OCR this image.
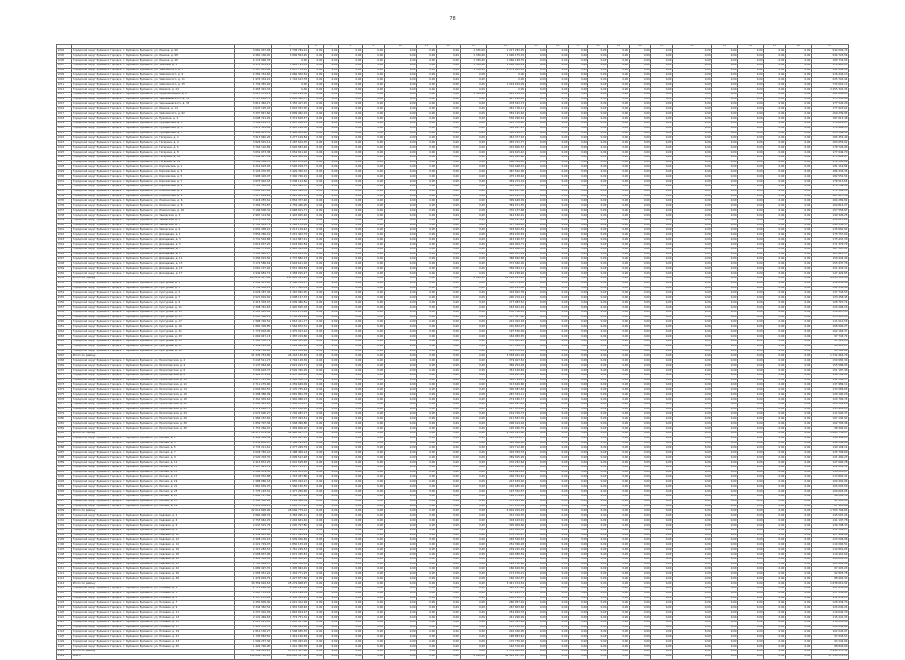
78
			5	6	7	8	9	10	11	12	13	14	15	16	17	18	19	20	21	22	23	24	25	26	27
1004	Городской округ Буйнакск Городск. г. Буйнакск Буйнакск, ул. Ленина, д. 96	3 681 937,48	2 738 784,21	0,00	0,00	0,00	0,00	0,00	0,00	0,00	1 336,00	1 217 283,05	0,00	0,00	0,00	0,00	0,00	0,00	0,00	0,00	0,00	0,00	0,00	0,00	544 094,72
1005	Городской округ Буйнакск Городск. г. Буйнакск Буйнакск, ул. Ленина, д. 98	4 481 136,45	3 836 503,95	0,00	0,00	0,00	0,00	0,00	0,00	0,00	1 336,00	1 096 175,32	0,00	0,00	0,00	0,00	0,00	0,00	0,00	0,00	0,00	0,00	0,00	0,00	544 723,56
1006	Городской округ Буйнакск Городск. г. Буйнакск Буйнакск, ул. Ленина, д. 48	4 174 998,78	0,00	0,00	0,00	0,00	0,00	0,00	0,00	0,00	1 336,00	1 066 138,70	0,00	0,00	0,00	0,00	0,00	0,00	0,00	0,00	0,00	0,00	0,00	0,00	180 734,95
1007	Городской округ Буйнакск Городск. г. Буйнакск Буйнакск, ул. Чкалова, д. 5	4 170 453,21	3 928 781,51	0,00	0,00	0,00	0,00	0,00	0,00	0,00	1 336,00	1 084 380,19	0,00	0,00	0,00	0,00	0,00	0,00	0,00	0,00	0,00	0,00	0,00	0,00	176 905,83
1008	Городской округ Буйнакск Городск. г. Буйнакск Буйнакск, ул. Чайковского, д. 7	3 167 981,08	1 657 734,18	0,00	0,00	0,00	0,00	0,00	0,00	0,00	1 336,00	1 072 965,81	0,00	0,00	0,00	0,00	0,00	0,00	0,00	0,00	0,00	0,00	0,00	0,00	184 106,34
1009	Городской округ Буйнакск Городск. г. Буйнакск Буйнакск, ул. Чайковского, д. 9	2 282 744,65	2 066 302,52	0,00	0,00	0,00	0,00	0,00	0,00	0,00	0,00	0,00	0,00	0,00	0,00	0,00	0,00	0,00	0,00	0,00	0,00	0,00	0,00	0,00	216 442,13
1010	Городской округ Буйнакск Городск. г. Буйнакск Буйнакск, ул. Чайковского, д. 11	1 970 334,22	1 744 613,78	0,00	0,00	0,00	0,00	0,00	0,00	0,00	0,00	0,00	0,00	0,00	0,00	0,00	0,00	0,00	0,00	0,00	0,00	0,00	0,00	0,00	225 720,44
1011	Городской округ Буйнакск Городск. г. Буйнакск Буйнакск, ул. Чайковского, д. 15	1 734 455,20	0,00	0,00	0,00	0,00	0,00	0,00	0,00	0,00	0,00	1 019 454,09	0,00	0,00	0,00	0,00	0,00	0,00	0,00	0,00	0,00	0,00	0,00	0,00	715 001,11
1012	Городской округ Буйнакск Городск. г. Буйнакск Буйнакск, ул. Шамиля, д. 24	2 455 322,34	0,00	0,00	0,00	0,00	0,00	0,00	0,00	0,00	0,00	0,00	0,00	0,00	0,00	0,00	0,00	0,00	0,00	0,00	0,00	0,00	0,00	0,00	2 455 322,34
1013	Городской округ Буйнакск Городск. г. Буйнакск Буйнакск, ул. Орджоникидзе, д. 9	4 023 371,11	3 145 220,58	0,00	0,00	0,00	0,00	0,00	0,00	0,00	1 336,00	695 124,70	0,00	0,00	0,00	0,00	0,00	0,00	0,00	0,00	0,00	0,00	0,00	0,00	181 689,83
1014	Городской округ Буйнакск Городск. г. Буйнакск Буйнакск, ул. Чернышевского, д. 31	3 715 816,71	3 093 410,57	0,00	0,00	0,00	0,00	0,00	0,00	0,00	0,00	447 262,48	0,00	0,00	0,00	0,00	0,00	0,00	0,00	0,00	0,00	0,00	0,00	0,00	175 143,66
1015	Городской округ Буйнакск Городск. г. Буйнакск Буйнакск, ул. Чернышевского, д. 33	3 811 482,27	3 155 417,25	0,00	0,00	0,00	0,00	0,00	0,00	0,00	0,00	478 522,73	0,00	0,00	0,00	0,00	0,00	0,00	0,00	0,00	0,00	0,00	0,00	0,00	177 542,29
1016	Городской округ Буйнакск Городск. г. Буйнакск Буйнакск, ул. Ленина, д. 14	3 647 195,03	3 016 553,30	0,00	0,00	0,00	0,00	0,00	0,00	0,00	0,00	452 718,11	0,00	0,00	0,00	0,00	0,00	0,00	0,00	0,00	0,00	0,00	0,00	0,00	177 923,62
1017	Городской округ Буйнакск Городск. г. Буйнакск Буйнакск, ул. Чайковского, д. 62	3 337 847,60	2 809 462,19	0,00	0,00	0,00	0,00	0,00	0,00	0,00	0,00	359 145,46	0,00	0,00	0,00	0,00	0,00	0,00	0,00	0,00	0,00	0,00	0,00	0,00	169 239,95
1018	Городской округ Буйнакск Городск. г. Буйнакск Буйнакск, ул. Пушкина, д. 4	4 098 721,49	3 374 818,57	0,00	0,00	0,00	0,00	0,00	0,00	0,00	0,00	536 290,44	0,00	0,00	0,00	0,00	0,00	0,00	0,00	0,00	0,00	0,00	0,00	0,00	187 612,48
1019	Городской округ Буйнакск Городск. г. Буйнакск Буйнакск, ул. Нурадилова, д. 3	3 586 214,72	2 997 018,15	0,00	0,00	0,00	0,00	0,00	0,00	0,00	0,00	412 576,90	0,00	0,00	0,00	0,00	0,00	0,00	0,00	0,00	0,00	0,00	0,00	0,00	176 619,67
1020	Городской округ Буйнакск Городск. г. Буйнакск Буйнакск, ул. Нурадилова, д. 5	3 472 519,84	2 903 126,50	0,00	0,00	0,00	0,00	0,00	0,00	0,00	0,00	398 407,21	0,00	0,00	0,00	0,00	0,00	0,00	0,00	0,00	0,00	0,00	0,00	0,00	170 986,13
1021	Городской округ Буйнакск Городск. г. Буйнакск Буйнакск, ул. Нурадилова, д. 7	2 906 415,33	2 448 930,62	0,00	0,00	0,00	0,00	0,00	0,00	0,00	0,00	302 118,57	0,00	0,00	0,00	0,00	0,00	0,00	0,00	0,00	0,00	0,00	0,00	0,00	155 366,14
1022	Городской округ Буйнакск Городск. г. Буйнакск Буйнакск, ул. Гагарина, д. 2	3 913 840,26	3 277 109,84	0,00	0,00	0,00	0,00	0,00	0,00	0,00	0,00	452 377,93	0,00	0,00	0,00	0,00	0,00	0,00	0,00	0,00	0,00	0,00	0,00	0,00	184 352,49
1023	Городской округ Буйнакск Городск. г. Буйнакск Буйнакск, ул. Гагарина, д. 4	3 826 501,14	3 187 614,35	0,00	0,00	0,00	0,00	0,00	0,00	0,00	0,00	455 231,77	0,00	0,00	0,00	0,00	0,00	0,00	0,00	0,00	0,00	0,00	0,00	0,00	183 655,02
1024	Городской округ Буйнакск Городск. г. Буйнакск Буйнакск, ул. Гагарина, д. 6	3 704 116,89	3 092 583,46	0,00	0,00	0,00	0,00	0,00	0,00	0,00	0,00	432 806,53	0,00	0,00	0,00	0,00	0,00	0,00	0,00	0,00	0,00	0,00	0,00	0,00	178 726,90
1025	Городской округ Буйнакск Городск. г. Буйнакск Буйнакск, ул. Гагарина, д. 8	3 652 073,38	3 054 811,26	0,00	0,00	0,00	0,00	0,00	0,00	0,00	0,00	419 615,42	0,00	0,00	0,00	0,00	0,00	0,00	0,00	0,00	0,00	0,00	0,00	0,00	177 646,70
1026	Городской округ Буйнакск Городск. г. Буйнакск Буйнакск, ул. Гагарина, д. 10	3 588 927,51	2 999 442,18	0,00	0,00	0,00	0,00	0,00	0,00	0,00	0,00	414 082,66	0,00	0,00	0,00	0,00	0,00	0,00	0,00	0,00	0,00	0,00	0,00	0,00	175 402,67
1027	Городской округ Буйнакск Городск. г. Буйнакск Буйнакск, ул. Гагарина, д. 12	3 504 389,70	2 925 674,03	0,00	0,00	0,00	0,00	0,00	0,00	0,00	0,00	406 329,85	0,00	0,00	0,00	0,00	0,00	0,00	0,00	0,00	0,00	0,00	0,00	0,00	172 385,82
1028	Городской округ Буйнакск Городск. г. Буйнакск Буйнакск, ул. Коркмасова, д. 1	4 219 603,92	3 526 018,77	0,00	0,00	0,00	0,00	0,00	0,00	0,00	0,00	502 468,31	0,00	0,00	0,00	0,00	0,00	0,00	0,00	0,00	0,00	0,00	0,00	0,00	191 116,84
1029	Городской округ Буйнакск Городск. г. Буйнакск Буйнакск, ул. Коркмасова, д. 3	4 103 276,55	3 429 350,12	0,00	0,00	0,00	0,00	0,00	0,00	0,00	0,00	487 592,08	0,00	0,00	0,00	0,00	0,00	0,00	0,00	0,00	0,00	0,00	0,00	0,00	186 334,35
1030	Городской округ Буйнакск Городск. г. Буйнакск Буйнакск, ул. Коркмасова, д. 5	3 998 418,07	3 340 726,91	0,00	0,00	0,00	0,00	0,00	0,00	0,00	0,00	475 138,62	0,00	0,00	0,00	0,00	0,00	0,00	0,00	0,00	0,00	0,00	0,00	0,00	182 552,54
1031	Городской округ Буйнакск Городск. г. Буйнакск Буйнакск, ул. Коркмасова, д. 7	3 875 902,43	3 238 114,60	0,00	0,00	0,00	0,00	0,00	0,00	0,00	0,00	459 274,19	0,00	0,00	0,00	0,00	0,00	0,00	0,00	0,00	0,00	0,00	0,00	0,00	178 513,64
1032	Городской округ Буйнакск Городск. г. Буйнакск Буйнакск, ул. Коркмасова, д. 9	3 761 548,16	3 141 992,37	0,00	0,00	0,00	0,00	0,00	0,00	0,00	0,00	444 806,25	0,00	0,00	0,00	0,00	0,00	0,00	0,00	0,00	0,00	0,00	0,00	0,00	174 749,54
1033	Городской округ Буйнакск Городск. г. Буйнакск Буйнакск, ул. Ломоносова, д. 2	3 642 087,94	3 041 508,33	0,00	0,00	0,00	0,00	0,00	0,00	0,00	0,00	429 417,06	0,00	0,00	0,00	0,00	0,00	0,00	0,00	0,00	0,00	0,00	0,00	0,00	171 162,55
1034	Городской округ Буйнакск Городск. г. Буйнакск Буйнакск, ул. Ломоносова, д. 4	3 527 614,28	2 945 903,18	0,00	0,00	0,00	0,00	0,00	0,00	0,00	0,00	414 093,72	0,00	0,00	0,00	0,00	0,00	0,00	0,00	0,00	0,00	0,00	0,00	0,00	167 617,38
1035	Городской округ Буйнакск Городск. г. Буйнакск Буйнакск, ул. Ломоносова, д. 6	3 418 255,61	2 854 337,40	0,00	0,00	0,00	0,00	0,00	0,00	0,00	0,00	399 628,39	0,00	0,00	0,00	0,00	0,00	0,00	0,00	0,00	0,00	0,00	0,00	0,00	164 289,82
1036	Городской округ Буйнакск Городск. г. Буйнакск Буйнакск, ул. Ломоносова, д. 8	3 304 731,87	2 759 446,05	0,00	0,00	0,00	0,00	0,00	0,00	0,00	0,00	384 471,55	0,00	0,00	0,00	0,00	0,00	0,00	0,00	0,00	0,00	0,00	0,00	0,00	160 814,27
1037	Городской округ Буйнакск Городск. г. Буйнакск Буйнакск, ул. Ломоносова, д. 10	3 196 508,32	2 668 811,77	0,00	0,00	0,00	0,00	0,00	0,00	0,00	0,00	370 137,68	0,00	0,00	0,00	0,00	0,00	0,00	0,00	0,00	0,00	0,00	0,00	0,00	157 558,87
1038	Городской округ Буйнакск Городск. г. Буйнакск Буйнакск, ул. Заводская, д. 3	2 987 114,56	2 493 605,40	0,00	0,00	0,00	0,00	0,00	0,00	0,00	0,00	344 182,91	0,00	0,00	0,00	0,00	0,00	0,00	0,00	0,00	0,00	0,00	0,00	0,00	149 326,25
1039	Городской округ Буйнакск Городск. г. Буйнакск Буйнакск, ул. Заводская, д. 5	2 874 352,09	2 399 011,63	0,00	0,00	0,00	0,00	0,00	0,00	0,00	0,00	330 517,44	0,00	0,00	0,00	0,00	0,00	0,00	0,00	0,00	0,00	0,00	0,00	0,00	144 823,02
1040	Городской округ Буйнакск Городск. г. Буйнакск Буйнакск, ул. Заводская, д. 7	2 765 981,73	2 308 274,16	0,00	0,00	0,00	0,00	0,00	0,00	0,00	0,00	317 349,20	0,00	0,00	0,00	0,00	0,00	0,00	0,00	0,00	0,00	0,00	0,00	0,00	140 358,37
1041	Городской округ Буйнакск Городск. г. Буйнакск Буйнакск, ул. Заводская, д. 9	2 652 408,15	2 213 119,42	0,00	0,00	0,00	0,00	0,00	0,00	0,00	0,00	303 625,81	0,00	0,00	0,00	0,00	0,00	0,00	0,00	0,00	0,00	0,00	0,00	0,00	135 662,92
1042	Городской округ Буйнакск Городск. г. Буйнакск Буйнакск, ул. Дахадаева, д. 1	3 854 266,42	3 215 403,79	0,00	0,00	0,00	0,00	0,00	0,00	0,00	0,00	459 105,63	0,00	0,00	0,00	0,00	0,00	0,00	0,00	0,00	0,00	0,00	0,00	0,00	179 757,00
1043	Городской округ Буйнакск Городск. г. Буйнакск Буйнакск, ул. Дахадаева, д. 3	3 731 504,88	3 112 867,21	0,00	0,00	0,00	0,00	0,00	0,00	0,00	0,00	443 190,37	0,00	0,00	0,00	0,00	0,00	0,00	0,00	0,00	0,00	0,00	0,00	0,00	175 447,30
1044	Городской округ Буйнакск Городск. г. Буйнакск Буйнакск, ул. Дахадаева, д. 5	3 619 037,25	3 018 652,84	0,00	0,00	0,00	0,00	0,00	0,00	0,00	0,00	429 004,71	0,00	0,00	0,00	0,00	0,00	0,00	0,00	0,00	0,00	0,00	0,00	0,00	171 379,70
1045	Городской округ Буйнакск Городск. г. Буйнакск Буйнакск, ул. Дахадаева, д. 7	3 508 771,63	2 926 418,09	0,00	0,00	0,00	0,00	0,00	0,00	0,00	0,00	414 986,52	0,00	0,00	0,00	0,00	0,00	0,00	0,00	0,00	0,00	0,00	0,00	0,00	167 367,02
1046	Городской округ Буйнакск Городск. г. Буйнакск Буйнакск, ул. Дахадаева, д. 9	3 395 442,17	2 831 205,56	0,00	0,00	0,00	0,00	0,00	0,00	0,00	0,00	400 813,04	0,00	0,00	0,00	0,00	0,00	0,00	0,00	0,00	0,00	0,00	0,00	0,00	163 423,57
1047	Городской округ Буйнакск Городск. г. Буйнакск Буйнакск, ул. Дахадаева, д. 11	3 284 019,50	2 737 882,13	0,00	0,00	0,00	0,00	0,00	0,00	0,00	0,00	386 692,88	0,00	0,00	0,00	0,00	0,00	0,00	0,00	0,00	0,00	0,00	0,00	0,00	159 444,49
1048	Городской округ Буйнакск Городск. г. Буйнакск Буйнакск, ул. Дахадаева, д. 13	3 172 588,94	2 644 611,02	0,00	0,00	0,00	0,00	0,00	0,00	0,00	0,00	372 540,16	0,00	0,00	0,00	0,00	0,00	0,00	0,00	0,00	0,00	0,00	0,00	0,00	155 437,76
1049	Городской округ Буйнакск Городск. г. Буйнакск Буйнакск, ул. Дахадаева, д. 15	3 061 137,26	2 551 309,84	0,00	0,00	0,00	0,00	0,00	0,00	0,00	0,00	358 394,11	0,00	0,00	0,00	0,00	0,00	0,00	0,00	0,00	0,00	0,00	0,00	0,00	151 433,31
1050	Городской округ Буйнакск Городск. г. Буйнакск Буйнакск, ул. Дахадаева, д. 17	2 949 683,72	2 458 015,47	0,00	0,00	0,00	0,00	0,00	0,00	0,00	0,00	344 238,40	0,00	0,00	0,00	0,00	0,00	0,00	0,00	0,00	0,00	0,00	0,00	0,00	147 429,85
1051	Итого по городу	183 652 417,08	152 844 963,20	0,00	0,00	0,00	0,00	0,00	0,00	0,00	8 016,00	22 148 935,42	0,00	0,00	0,00	0,00	0,00	0,00	0,00	0,00	0,00	0,00	0,00	0,00	8 658 518,46
1052	Городской округ Буйнакск Городск. г. Буйнакск Буйнакск, ул. Сунгурова, д. 1	2 842 913,40	2 366 108,27	0,00	0,00	0,00	0,00	0,00	0,00	0,00	0,00	330 174,65	0,00	0,00	0,00	0,00	0,00	0,00	0,00	0,00	0,00	0,00	0,00	0,00	146 630,48
1053	Городской округ Буйнакск Городск. г. Буйнакск Буйнакск, ул. Сунгурова, д. 3	2 736 450,11	2 277 304,59	0,00	0,00	0,00	0,00	0,00	0,00	0,00	0,00	316 911,06	0,00	0,00	0,00	0,00	0,00	0,00	0,00	0,00	0,00	0,00	0,00	0,00	142 234,46
1054	Городской округ Буйнакск Городск. г. Буйнакск Буйнакск, ул. Сунгурова, д. 5	2 629 187,36	2 187 842,05	0,00	0,00	0,00	0,00	0,00	0,00	0,00	0,00	303 602,78	0,00	0,00	0,00	0,00	0,00	0,00	0,00	0,00	0,00	0,00	0,00	0,00	137 742,53
1055	Городской округ Буйнакск Городск. г. Буйнакск Буйнакск, ул. Сунгурова, д. 7	2 521 604,92	2 098 127,33	0,00	0,00	0,00	0,00	0,00	0,00	0,00	0,00	290 219,14	0,00	0,00	0,00	0,00	0,00	0,00	0,00	0,00	0,00	0,00	0,00	0,00	133 258,45
1056	Городской округ Буйнакск Городск. г. Буйнакск Буйнакск, ул. Сунгурова, д. 9	2 415 318,07	2 009 466,81	0,00	0,00	0,00	0,00	0,00	0,00	0,00	0,00	277 083,52	0,00	0,00	0,00	0,00	0,00	0,00	0,00	0,00	0,00	0,00	0,00	0,00	128 767,74
1057	Городской округ Буйнакск Городск. г. Буйнакск Буйнакск, ул. Сунгурова, д. 11	2 308 742,63	1 920 505,18	0,00	0,00	0,00	0,00	0,00	0,00	0,00	0,00	263 941,29	0,00	0,00	0,00	0,00	0,00	0,00	0,00	0,00	0,00	0,00	0,00	0,00	124 296,16
1058	Городской округ Буйнакск Городск. г. Буйнакск Буйнакск, ул. Сунгурова, д. 13	2 201 905,48	1 831 271,62	0,00	0,00	0,00	0,00	0,00	0,00	0,00	0,00	250 786,03	0,00	0,00	0,00	0,00	0,00	0,00	0,00	0,00	0,00	0,00	0,00	0,00	119 847,83
1059	Городской округ Буйнакск Городск. г. Буйнакск Буйнакск, ул. Сунгурова, д. 15	2 095 368,21	1 742 614,90	0,00	0,00	0,00	0,00	0,00	0,00	0,00	0,00	237 327,86	0,00	0,00	0,00	0,00	0,00	0,00	0,00	0,00	0,00	0,00	0,00	0,00	115 425,45
1060	Городской округ Буйнакск Городск. г. Буйнакск Буйнакск, ул. Сунгурова, д. 17	1 988 726,54	1 653 411,77	0,00	0,00	0,00	0,00	0,00	0,00	0,00	0,00	224 304,18	0,00	0,00	0,00	0,00	0,00	0,00	0,00	0,00	0,00	0,00	0,00	0,00	111 010,59
1061	Городской округ Буйнакск Городск. г. Буйнакск Буйнакск, ул. Сунгурова, д. 19	1 882 309,85	1 564 872,31	0,00	0,00	0,00	0,00	0,00	0,00	0,00	0,00	210 843,27	0,00	0,00	0,00	0,00	0,00	0,00	0,00	0,00	0,00	0,00	0,00	0,00	106 594,27
1062	Городской округ Буйнакск Городск. г. Буйнакск Буйнакск, ул. Сунгурова, д. 21	1 775 618,90	1 475 913,44	0,00	0,00	0,00	0,00	0,00	0,00	0,00	0,00	197 536,09	0,00	0,00	0,00	0,00	0,00	0,00	0,00	0,00	0,00	0,00	0,00	0,00	102 169,37
1063	Городской округ Буйнакск Городск. г. Буйнакск Буйнакск, ул. Сунгурова, д. 23	1 669 047,13	1 387 219,86	0,00	0,00	0,00	0,00	0,00	0,00	0,00	0,00	184 083,55	0,00	0,00	0,00	0,00	0,00	0,00	0,00	0,00	0,00	0,00	0,00	0,00	97 743,72
1064	Городской округ Буйнакск Городск. г. Буйнакск Буйнакск, ул. Сунгурова, д. 25	1 562 530,79	1 298 541,20	0,00	0,00	0,00	0,00	0,00	0,00	0,00	0,00	170 661,41	0,00	0,00	0,00	0,00	0,00	0,00	0,00	0,00	0,00	0,00	0,00	0,00	93 328,18
1065	Городской округ Буйнакск Городск. г. Буйнакск Буйнакск, ул. Сунгурова, д. 27	1 456 103,44	1 209 802,65	0,00	0,00	0,00	0,00	0,00	0,00	0,00	0,00	157 389,72	0,00	0,00	0,00	0,00	0,00	0,00	0,00	0,00	0,00	0,00	0,00	0,00	88 911,07
1066	Городской округ Буйнакск Городск. г. Буйнакск Буйнакск, ул. Сунгурова, д. 29	1 349 718,06	1 121 136,94	0,00	0,00	0,00	0,00	0,00	0,00	0,00	0,00	144 076,63	0,00	0,00	0,00	0,00	0,00	0,00	0,00	0,00	0,00	0,00	0,00	0,00	84 504,49
1067	Итого по району	31 435 753,85	26 143 130,84	0,00	0,00	0,00	0,00	0,00	0,00	0,00	0,00	3 558 941,18	0,00	0,00	0,00	0,00	0,00	0,00	0,00	0,00	0,00	0,00	0,00	0,00	1 732 464,79
1068	Городской округ Буйнакск Городск. г. Буйнакск Буйнакск, ул. Пролетарская, д. 2	3 243 511,27	2 704 118,36	0,00	0,00	0,00	0,00	0,00	0,00	0,00	0,00	379 407,52	0,00	0,00	0,00	0,00	0,00	0,00	0,00	0,00	0,00	0,00	0,00	0,00	159 985,39
1069	Городской округ Буйнакск Городск. г. Буйнакск Буйнакск, ул. Пролетарская, д. 4	3 137 064,82	2 615 223,71	0,00	0,00	0,00	0,00	0,00	0,00	0,00	0,00	366 254,18	0,00	0,00	0,00	0,00	0,00	0,00	0,00	0,00	0,00	0,00	0,00	0,00	155 586,93
1070	Городской округ Буйнакск Городск. г. Буйнакск Буйнакск, ул. Пролетарская, д. 6	3 030 618,37	2 526 330,05	0,00	0,00	0,00	0,00	0,00	0,00	0,00	0,00	353 100,84	0,00	0,00	0,00	0,00	0,00	0,00	0,00	0,00	0,00	0,00	0,00	0,00	151 187,48
1071	Городской округ Буйнакск Городск. г. Буйнакск Буйнакск, ул. Пролетарская, д. 8	2 924 171,91	2 437 436,40	0,00	0,00	0,00	0,00	0,00	0,00	0,00	0,00	339 947,49	0,00	0,00	0,00	0,00	0,00	0,00	0,00	0,00	0,00	0,00	0,00	0,00	146 788,02
1072	Городской округ Буйнакск Городск. г. Буйнакск Буйнакск, ул. Пролетарская, д. 10	2 817 725,46	2 348 542,74	0,00	0,00	0,00	0,00	0,00	0,00	0,00	0,00	326 794,15	0,00	0,00	0,00	0,00	0,00	0,00	0,00	0,00	0,00	0,00	0,00	0,00	142 388,57
1073	Городской округ Буйнакск Городск. г. Буйнакск Буйнакск, ул. Пролетарская, д. 12	2 711 279,00	2 259 649,09	0,00	0,00	0,00	0,00	0,00	0,00	0,00	0,00	313 640,80	0,00	0,00	0,00	0,00	0,00	0,00	0,00	0,00	0,00	0,00	0,00	0,00	137 989,11
1074	Городской округ Буйнакск Городск. г. Буйнакск Буйнакск, ул. Пролетарская, д. 14	2 604 832,55	2 170 755,44	0,00	0,00	0,00	0,00	0,00	0,00	0,00	0,00	300 487,46	0,00	0,00	0,00	0,00	0,00	0,00	0,00	0,00	0,00	0,00	0,00	0,00	133 589,65
1075	Городской округ Буйнакск Городск. г. Буйнакск Буйнакск, ул. Пролетарская, д. 16	2 498 386,09	2 081 861,78	0,00	0,00	0,00	0,00	0,00	0,00	0,00	0,00	287 334,11	0,00	0,00	0,00	0,00	0,00	0,00	0,00	0,00	0,00	0,00	0,00	0,00	129 190,20
1076	Городской округ Буйнакск Городск. г. Буйнакск Буйнакск, ул. Пролетарская, д. 18	2 391 939,64	1 992 968,13	0,00	0,00	0,00	0,00	0,00	0,00	0,00	0,00	274 180,77	0,00	0,00	0,00	0,00	0,00	0,00	0,00	0,00	0,00	0,00	0,00	0,00	124 790,74
1077	Городской округ Буйнакск Городск. г. Буйнакск Буйнакск, ул. Пролетарская, д. 20	2 285 493,18	1 904 074,47	0,00	0,00	0,00	0,00	0,00	0,00	0,00	0,00	261 027,42	0,00	0,00	0,00	0,00	0,00	0,00	0,00	0,00	0,00	0,00	0,00	0,00	120 391,29
1078	Городской округ Буйнакск Городск. г. Буйнакск Буйнакск, ул. Пролетарская, д. 22	2 179 046,73	1 815 180,82	0,00	0,00	0,00	0,00	0,00	0,00	0,00	0,00	247 874,08	0,00	0,00	0,00	0,00	0,00	0,00	0,00	0,00	0,00	0,00	0,00	0,00	115 991,83
1079	Городской округ Буйнакск Городск. г. Буйнакск Буйнакск, ул. Пролетарская, д. 24	2 072 600,27	1 726 287,17	0,00	0,00	0,00	0,00	0,00	0,00	0,00	0,00	234 720,73	0,00	0,00	0,00	0,00	0,00	0,00	0,00	0,00	0,00	0,00	0,00	0,00	111 592,37
1080	Городской округ Буйнакск Городск. г. Буйнакск Буйнакск, ул. Пролетарская, д. 26	1 966 153,82	1 637 393,51	0,00	0,00	0,00	0,00	0,00	0,00	0,00	0,00	221 567,39	0,00	0,00	0,00	0,00	0,00	0,00	0,00	0,00	0,00	0,00	0,00	0,00	107 192,92
1081	Городской округ Буйнакск Городск. г. Буйнакск Буйнакск, ул. Пролетарская, д. 28	1 859 707,36	1 548 499,86	0,00	0,00	0,00	0,00	0,00	0,00	0,00	0,00	208 414,04	0,00	0,00	0,00	0,00	0,00	0,00	0,00	0,00	0,00	0,00	0,00	0,00	102 793,46
1082	Городской округ Буйнакск Городск. г. Буйнакск Буйнакск, ул. Пролетарская, д. 30	1 753 260,91	1 459 606,20	0,00	0,00	0,00	0,00	0,00	0,00	0,00	0,00	195 260,70	0,00	0,00	0,00	0,00	0,00	0,00	0,00	0,00	0,00	0,00	0,00	0,00	98 394,01
1083	Итого по городу	39 475 679,38	32 896 927,73	0,00	0,00	0,00	0,00	0,00	0,00	0,00	0,00	4 510 011,68	0,00	0,00	0,00	0,00	0,00	0,00	0,00	0,00	0,00	0,00	0,00	0,00	2 068 739,97
1084	Городской округ Буйнакск Городск. г. Буйнакск Буйнакск, ул. Лесная, д. 1	2 946 104,52	2 455 087,10	0,00	0,00	0,00	0,00	0,00	0,00	0,00	0,00	342 019,37	0,00	0,00	0,00	0,00	0,00	0,00	0,00	0,00	0,00	0,00	0,00	0,00	148 998,05
1085	Городской округ Буйнакск Городск. г. Буйнакск Буйнакск, ул. Лесная, д. 3	2 839 658,07	2 366 193,45	0,00	0,00	0,00	0,00	0,00	0,00	0,00	0,00	328 866,02	0,00	0,00	0,00	0,00	0,00	0,00	0,00	0,00	0,00	0,00	0,00	0,00	144 598,60
1086	Городской округ Буйнакск Городск. г. Буйнакск Буйнакск, ул. Лесная, д. 5	2 733 211,61	2 277 299,79	0,00	0,00	0,00	0,00	0,00	0,00	0,00	0,00	315 712,68	0,00	0,00	0,00	0,00	0,00	0,00	0,00	0,00	0,00	0,00	0,00	0,00	140 199,14
1087	Городской округ Буйнакск Городск. г. Буйнакск Буйнакск, ул. Лесная, д. 7	2 626 765,16	2 188 406,14	0,00	0,00	0,00	0,00	0,00	0,00	0,00	0,00	302 559,33	0,00	0,00	0,00	0,00	0,00	0,00	0,00	0,00	0,00	0,00	0,00	0,00	135 799,69
1088	Городской округ Буйнакск Городск. г. Буйнакск Буйнакск, ул. Лесная, д. 9	2 520 318,70	2 099 512,48	0,00	0,00	0,00	0,00	0,00	0,00	0,00	0,00	289 405,99	0,00	0,00	0,00	0,00	0,00	0,00	0,00	0,00	0,00	0,00	0,00	0,00	131 400,23
1089	Городской округ Буйнакск Городск. г. Буйнакск Буйнакск, ул. Лесная, д. 11	2 413 872,25	2 010 618,83	0,00	0,00	0,00	0,00	0,00	0,00	0,00	0,00	276 252,64	0,00	0,00	0,00	0,00	0,00	0,00	0,00	0,00	0,00	0,00	0,00	0,00	127 000,78
1090	Городской округ Буйнакск Городск. г. Буйнакск Буйнакск, ул. Лесная, д. 13	2 307 425,79	1 921 725,17	0,00	0,00	0,00	0,00	0,00	0,00	0,00	0,00	263 099,30	0,00	0,00	0,00	0,00	0,00	0,00	0,00	0,00	0,00	0,00	0,00	0,00	122 601,32
1091	Городской округ Буйнакск Городск. г. Буйнакск Буйнакск, ул. Лесная, д. 15	2 200 979,34	1 832 831,52	0,00	0,00	0,00	0,00	0,00	0,00	0,00	0,00	249 945,95	0,00	0,00	0,00	0,00	0,00	0,00	0,00	0,00	0,00	0,00	0,00	0,00	118 201,87
1092	Городской округ Буйнакск Городск. г. Буйнакск Буйнакск, ул. Лесная, д. 17	2 094 532,88	1 743 937,86	0,00	0,00	0,00	0,00	0,00	0,00	0,00	0,00	236 792,61	0,00	0,00	0,00	0,00	0,00	0,00	0,00	0,00	0,00	0,00	0,00	0,00	113 802,41
1093	Городской округ Буйнакск Городск. г. Буйнакск Буйнакск, ул. Лесная, д. 19	1 988 086,43	1 655 044,21	0,00	0,00	0,00	0,00	0,00	0,00	0,00	0,00	223 639,26	0,00	0,00	0,00	0,00	0,00	0,00	0,00	0,00	0,00	0,00	0,00	0,00	109 402,96
1094	Городской округ Буйнакск Городск. г. Буйнакск Буйнакск, ул. Лесная, д. 21	1 881 639,97	1 566 150,55	0,00	0,00	0,00	0,00	0,00	0,00	0,00	0,00	210 485,92	0,00	0,00	0,00	0,00	0,00	0,00	0,00	0,00	0,00	0,00	0,00	0,00	105 003,50
1095	Городской округ Буйнакск Городск. г. Буйнакск Буйнакск, ул. Лесная, д. 23	1 775 193,52	1 477 256,90	0,00	0,00	0,00	0,00	0,00	0,00	0,00	0,00	197 332,57	0,00	0,00	0,00	0,00	0,00	0,00	0,00	0,00	0,00	0,00	0,00	0,00	100 604,05
1096	Городской округ Буйнакск Городск. г. Буйнакск Буйнакск, ул. Лесная, д. 25	1 668 747,06	1 388 363,24	0,00	0,00	0,00	0,00	0,00	0,00	0,00	0,00	184 179,23	0,00	0,00	0,00	0,00	0,00	0,00	0,00	0,00	0,00	0,00	0,00	0,00	96 204,59
1097	Городской округ Буйнакск Городск. г. Буйнакск Буйнакск, ул. Лесная, д. 27	1 562 300,61	1 299 469,59	0,00	0,00	0,00	0,00	0,00	0,00	0,00	0,00	171 025,88	0,00	0,00	0,00	0,00	0,00	0,00	0,00	0,00	0,00	0,00	0,00	0,00	91 805,14
1098	Городской округ Буйнакск Городск. г. Буйнакск Буйнакск, ул. Лесная, д. 29	1 455 854,15	1 210 575,93	0,00	0,00	0,00	0,00	0,00	0,00	0,00	0,00	157 872,54	0,00	0,00	0,00	0,00	0,00	0,00	0,00	0,00	0,00	0,00	0,00	0,00	87 405,68
1099	Итого по району	32 014 690,06	26 646 779,12	0,00	0,00	0,00	0,00	0,00	0,00	0,00	0,00	3 604 204,29	0,00	0,00	0,00	0,00	0,00	0,00	0,00	0,00	0,00	0,00	0,00	0,00	1 763 706,65
1100	Городской округ Буйнакск Городск. г. Буйнакск Буйнакск, ул. Садовая, д. 2	2 860 408,70	2 383 495,11	0,00	0,00	0,00	0,00	0,00	0,00	0,00	0,00	331 316,35	0,00	0,00	0,00	0,00	0,00	0,00	0,00	0,00	0,00	0,00	0,00	0,00	145 597,24
1101	Городской округ Буйнакск Городск. г. Буйнакск Буйнакск, ул. Садовая, д. 4	2 753 962,25	2 294 601,46	0,00	0,00	0,00	0,00	0,00	0,00	0,00	0,00	318 163,01	0,00	0,00	0,00	0,00	0,00	0,00	0,00	0,00	0,00	0,00	0,00	0,00	141 197,78
1102	Городской округ Буйнакск Городск. г. Буйнакск Буйнакск, ул. Садовая, д. 6	2 647 515,79	2 205 707,80	0,00	0,00	0,00	0,00	0,00	0,00	0,00	0,00	305 009,66	0,00	0,00	0,00	0,00	0,00	0,00	0,00	0,00	0,00	0,00	0,00	0,00	136 798,33
1103	Городской округ Буйнакск Городск. г. Буйнакск Буйнакск, ул. Садовая, д. 8	2 541 069,34	2 116 814,15	0,00	0,00	0,00	0,00	0,00	0,00	0,00	0,00	291 856,32	0,00	0,00	0,00	0,00	0,00	0,00	0,00	0,00	0,00	0,00	0,00	0,00	132 398,87
1104	Городской округ Буйнакск Городск. г. Буйнакск Буйнакск, ул. Садовая, д. 10	2 434 622,88	2 027 920,49	0,00	0,00	0,00	0,00	0,00	0,00	0,00	0,00	278 702,97	0,00	0,00	0,00	0,00	0,00	0,00	0,00	0,00	0,00	0,00	0,00	0,00	127 999,42
1105	Городской округ Буйнакск Городск. г. Буйнакск Буйнакск, ул. Садовая, д. 12	2 328 176,43	1 939 026,84	0,00	0,00	0,00	0,00	0,00	0,00	0,00	0,00	265 549,63	0,00	0,00	0,00	0,00	0,00	0,00	0,00	0,00	0,00	0,00	0,00	0,00	123 599,96
1106	Городской округ Буйнакск Городск. г. Буйнакск Буйнакск, ул. Садовая, д. 14	2 221 729,97	1 850 133,18	0,00	0,00	0,00	0,00	0,00	0,00	0,00	0,00	252 396,28	0,00	0,00	0,00	0,00	0,00	0,00	0,00	0,00	0,00	0,00	0,00	0,00	119 200,51
1107	Городской округ Буйнакск Городск. г. Буйнакск Буйнакск, ул. Садовая, д. 16	2 115 283,52	1 761 239,53	0,00	0,00	0,00	0,00	0,00	0,00	0,00	0,00	239 242,94	0,00	0,00	0,00	0,00	0,00	0,00	0,00	0,00	0,00	0,00	0,00	0,00	114 801,05
1108	Городской округ Буйнакск Городск. г. Буйнакск Буйнакск, ул. Садовая, д. 18	2 008 837,06	1 672 345,87	0,00	0,00	0,00	0,00	0,00	0,00	0,00	0,00	226 089,59	0,00	0,00	0,00	0,00	0,00	0,00	0,00	0,00	0,00	0,00	0,00	0,00	110 401,60
1109	Городской округ Буйнакск Городск. г. Буйнакск Буйнакск, ул. Садовая, д. 20	1 902 390,61	1 583 452,22	0,00	0,00	0,00	0,00	0,00	0,00	0,00	0,00	212 936,25	0,00	0,00	0,00	0,00	0,00	0,00	0,00	0,00	0,00	0,00	0,00	0,00	106 002,14
1110	Городской округ Буйнакск Городск. г. Буйнакск Буйнакск, ул. Садовая, д. 22	1 795 944,15	1 494 558,56	0,00	0,00	0,00	0,00	0,00	0,00	0,00	0,00	199 782,90	0,00	0,00	0,00	0,00	0,00	0,00	0,00	0,00	0,00	0,00	0,00	0,00	101 602,69
1111	Городской округ Буйнакск Городск. г. Буйнакск Буйнакск, ул. Садовая, д. 24	1 689 497,70	1 405 664,91	0,00	0,00	0,00	0,00	0,00	0,00	0,00	0,00	186 629,56	0,00	0,00	0,00	0,00	0,00	0,00	0,00	0,00	0,00	0,00	0,00	0,00	97 203,23
1112	Городской округ Буйнакск Городск. г. Буйнакск Буйнакск, ул. Садовая, д. 26	1 583 051,24	1 316 771,25	0,00	0,00	0,00	0,00	0,00	0,00	0,00	0,00	173 476,21	0,00	0,00	0,00	0,00	0,00	0,00	0,00	0,00	0,00	0,00	0,00	0,00	92 803,78
1113	Городской округ Буйнакск Городск. г. Буйнакск Буйнакск, ул. Садовая, д. 28	1 476 604,79	1 227 877,60	0,00	0,00	0,00	0,00	0,00	0,00	0,00	0,00	160 322,87	0,00	0,00	0,00	0,00	0,00	0,00	0,00	0,00	0,00	0,00	0,00	0,00	88 404,32
1114	Итого по району	30 359 094,63	25 279 608,97	0,00	0,00	0,00	0,00	0,00	0,00	0,00	0,00	3 441 474,54	0,00	0,00	0,00	0,00	0,00	0,00	0,00	0,00	0,00	0,00	0,00	0,00	1 638 010,92
1115	Городской округ Буйнакск Городск. г. Буйнакск Буйнакск, ул. Полевая, д. 1	2 770 148,36	2 308 093,24	0,00	0,00	0,00	0,00	0,00	0,00	0,00	0,00	320 417,06	0,00	0,00	0,00	0,00	0,00	0,00	0,00	0,00	0,00	0,00	0,00	0,00	141 638,06
1116	Городской округ Буйнакск Городск. г. Буйнакск Буйнакск, ул. Полевая, д. 3	2 663 701,91	2 219 199,59	0,00	0,00	0,00	0,00	0,00	0,00	0,00	0,00	307 263,71	0,00	0,00	0,00	0,00	0,00	0,00	0,00	0,00	0,00	0,00	0,00	0,00	137 238,61
1117	Городской округ Буйнакск Городск. г. Буйнакск Буйнакск, ул. Полевая, д. 5	2 557 255,45	2 130 305,93	0,00	0,00	0,00	0,00	0,00	0,00	0,00	0,00	294 110,37	0,00	0,00	0,00	0,00	0,00	0,00	0,00	0,00	0,00	0,00	0,00	0,00	132 839,15
1118	Городской округ Буйнакск Городск. г. Буйнакск Буйнакск, ул. Полевая, д. 7	2 450 809,00	2 041 412,28	0,00	0,00	0,00	0,00	0,00	0,00	0,00	0,00	280 957,02	0,00	0,00	0,00	0,00	0,00	0,00	0,00	0,00	0,00	0,00	0,00	0,00	128 439,70
1119	Городской округ Буйнакск Городск. г. Буйнакск Буйнакск, ул. Полевая, д. 9	2 344 362,54	1 952 518,62	0,00	0,00	0,00	0,00	0,00	0,00	0,00	0,00	267 803,68	0,00	0,00	0,00	0,00	0,00	0,00	0,00	0,00	0,00	0,00	0,00	0,00	124 040,24
1120	Городской округ Буйнакск Городск. г. Буйнакск Буйнакск, ул. Полевая, д. 11	2 237 916,09	1 863 624,97	0,00	0,00	0,00	0,00	0,00	0,00	0,00	0,00	254 650,33	0,00	0,00	0,00	0,00	0,00	0,00	0,00	0,00	0,00	0,00	0,00	0,00	119 640,79
1121	Городской округ Буйнакск Городск. г. Буйнакск Буйнакск, ул. Полевая, д. 13	2 131 469,63	1 774 731,31	0,00	0,00	0,00	0,00	0,00	0,00	0,00	0,00	241 496,99	0,00	0,00	0,00	0,00	0,00	0,00	0,00	0,00	0,00	0,00	0,00	0,00	115 241,33
1122	Городской округ Буйнакск Городск. г. Буйнакск Буйнакск, ул. Полевая, д. 15	2 025 023,18	1 685 837,66	0,00	0,00	0,00	0,00	0,00	0,00	0,00	0,00	228 343,64	0,00	0,00	0,00	0,00	0,00	0,00	0,00	0,00	0,00	0,00	0,00	0,00	110 841,88
1123	Городской округ Буйнакск Городск. г. Буйнакск Буйнакск, ул. Полевая, д. 17	1 918 576,72	1 596 944,00	0,00	0,00	0,00	0,00	0,00	0,00	0,00	0,00	215 190,30	0,00	0,00	0,00	0,00	0,00	0,00	0,00	0,00	0,00	0,00	0,00	0,00	106 442,42
1124	Городской округ Буйнакск Городск. г. Буйнакск Буйнакск, ул. Полевая, д. 19	1 812 130,27	1 508 050,35	0,00	0,00	0,00	0,00	0,00	0,00	0,00	0,00	202 036,95	0,00	0,00	0,00	0,00	0,00	0,00	0,00	0,00	0,00	0,00	0,00	0,00	102 042,97
1125	Городской округ Буйнакск Городск. г. Буйнакск Буйнакск, ул. Полевая, д. 21	1 705 683,81	1 419 156,69	0,00	0,00	0,00	0,00	0,00	0,00	0,00	0,00	188 883,61	0,00	0,00	0,00	0,00	0,00	0,00	0,00	0,00	0,00	0,00	0,00	0,00	97 643,51
1126	Городской округ Буйнакск Городск. г. Буйнакск Буйнакск, ул. Полевая, д. 23	1 599 237,36	1 330 263,04	0,00	0,00	0,00	0,00	0,00	0,00	0,00	0,00	175 730,26	0,00	0,00	0,00	0,00	0,00	0,00	0,00	0,00	0,00	0,00	0,00	0,00	93 244,06
1127	Городской округ Буйнакск Городск. г. Буйнакск Буйнакск, ул. Полевая, д. 25	1 492 790,90	1 241 369,38	0,00	0,00	0,00	0,00	0,00	0,00	0,00	0,00	162 576,92	0,00	0,00	0,00	0,00	0,00	0,00	0,00	0,00	0,00	0,00	0,00	0,00	88 844,60
1128	Итого по району	27 709 105,22	23 071 507,06	0,00	0,00	0,00	0,00	0,00	0,00	0,00	0,00	3 139 460,84	0,00	0,00	0,00	0,00	0,00	0,00	0,00	0,00	0,00	0,00	0,00	0,00	1 498 137,32
1129	Всего	344 646 740,22	286 882 917,00	0,00	0,00	0,00	0,00	0,00	0,00	0,00	8 016,00	40 403 027,95	0,00	0,00	0,00	0,00	0,00	0,00	0,00	0,00	0,00	0,00	0,00	0,00	17 359 578,11
